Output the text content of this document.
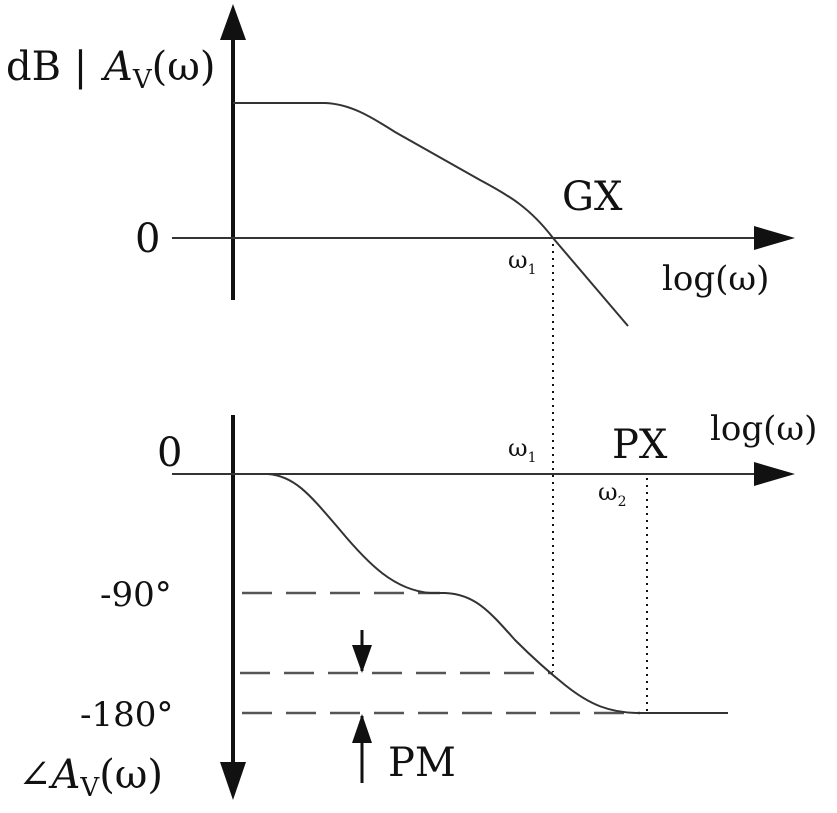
dB | $A_V(\omega)$
0
GX
log(ω)
$\omega_1$
0
log(ω)
PX
$\omega_1$
$\omega_2$
-90°
-180°
PM
$\angle A_V(\omega)$
